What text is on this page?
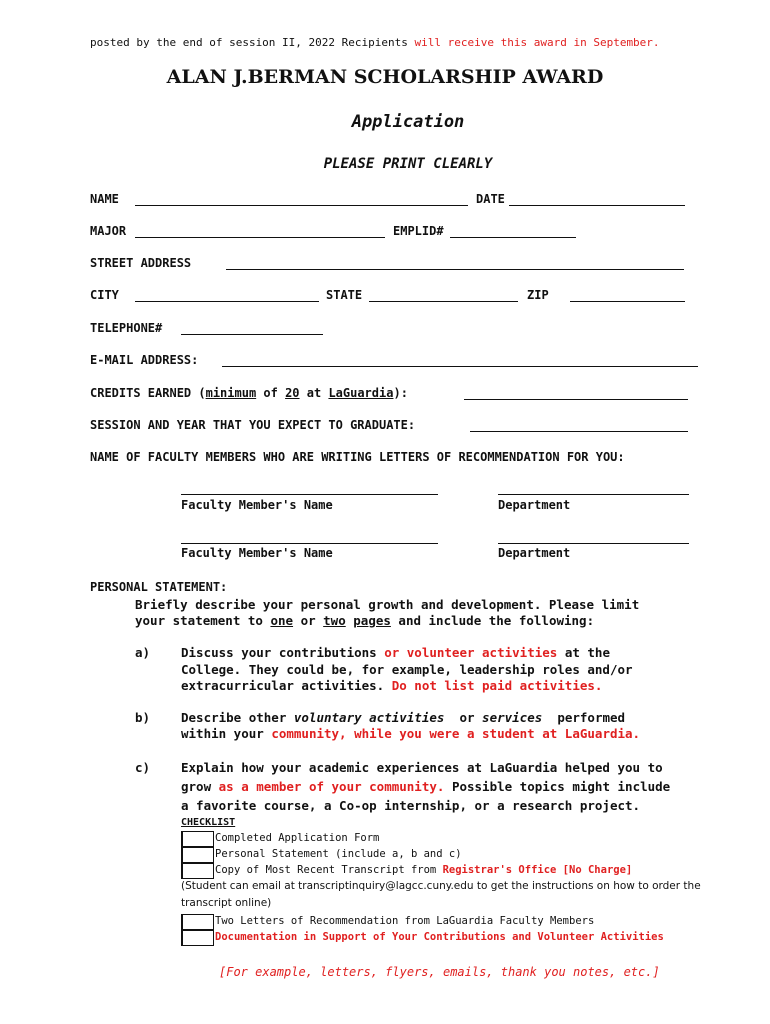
posted by the end of session II, 2022 Recipients will receive this award in September.
ALAN J.BERMAN SCHOLARSHIP AWARD
Application
PLEASE PRINT CLEARLY
NAME	DATE
MAJOR	EMPLID#
STREET ADDRESS
CITY	STATE	ZIP
TELEPHONE#
E-MAIL ADDRESS:
CREDITS EARNED (minimum of 20 at LaGuardia):
SESSION AND YEAR THAT YOU EXPECT TO GRADUATE:
NAME OF FACULTY MEMBERS WHO ARE WRITING LETTERS OF RECOMMENDATION FOR YOU:
Faculty Member's Name	Department
Faculty Member's Name	Department
PERSONAL STATEMENT:
Briefly describe your personal growth and development. Please limit
your statement to one or two pages and include the following:
a) Discuss your contributions or volunteer activities at the
College. They could be, for example, leadership roles and/or
extracurricular activities. Do not list paid activities.
b) Describe other voluntary activities  or services  performed
within your community, while you were a student at LaGuardia.
c) Explain how your academic experiences at LaGuardia helped you to
grow as a member of your community. Possible topics might include
a favorite course, a Co-op internship, or a research project.
CHECKLIST
Completed Application Form
Personal Statement (include a, b and c)
Copy of Most Recent Transcript from Registrar's Office [No Charge]
(Student can email at transcriptinquiry@lagcc.cuny.edu to get the instructions on how to order the
transcript online)
Two Letters of Recommendation from LaGuardia Faculty Members
Documentation in Support of Your Contributions and Volunteer Activities
[For example, letters, flyers, emails, thank you notes, etc.]
